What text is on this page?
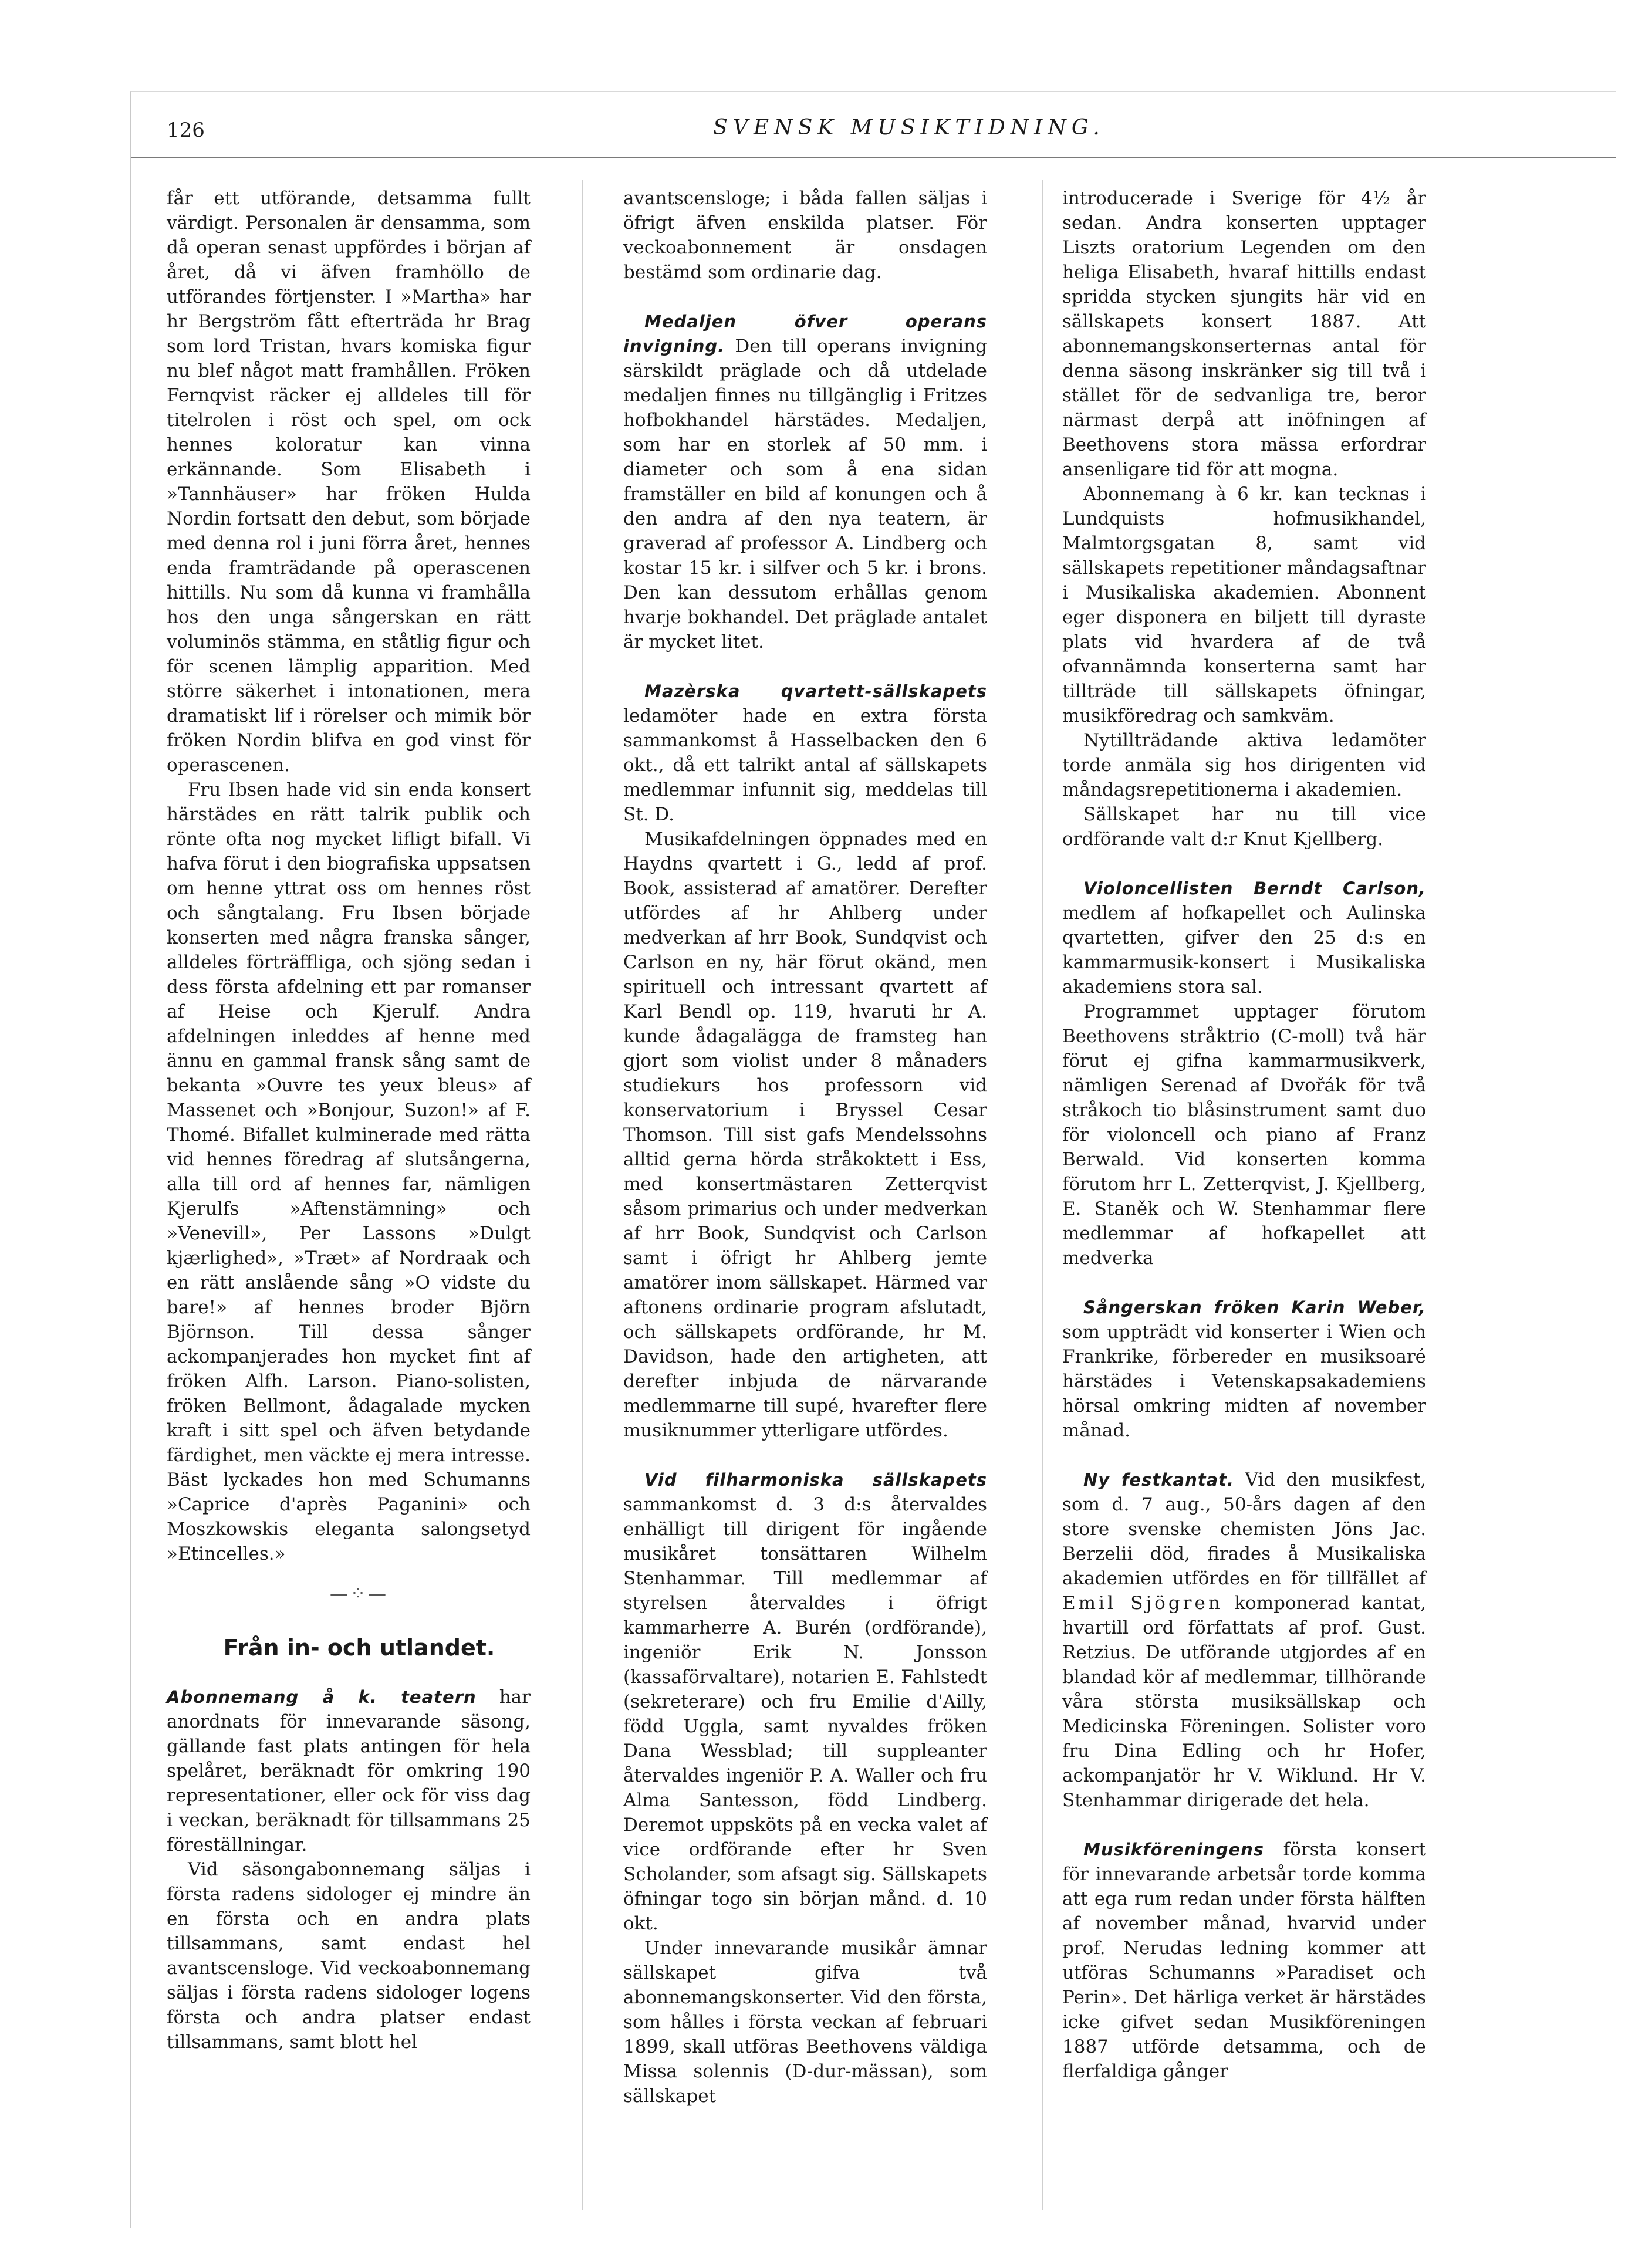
126	SVENSK MUSIKTIDNING.

får ett utförande, detsamma fullt värdigt. Personalen är densamma, som då operan senast uppfördes i början af året, då vi äfven framhöllo de utförandes förtjenster. I »Martha» har hr Bergström fått efterträda hr Brag som lord Tristan, hvars komiska figur nu blef något matt framhållen. Fröken Fernqvist räcker ej alldeles till för titelrolen i röst och spel, om ock hennes koloratur kan vinna erkännande. Som Elisabeth i »Tannhäuser» har fröken Hulda Nordin fortsatt den debut, som började med denna rol i juni förra året, hennes enda framträdande på operascenen hittills. Nu som då kunna vi framhålla hos den unga sångerskan en rätt voluminös stämma, en ståtlig figur och för scenen lämplig apparition. Med större säkerhet i intonationen, mera dramatiskt lif i rörelser och mimik bör fröken Nordin blifva en god vinst för operascenen.

Fru Ibsen hade vid sin enda konsert härstädes en rätt talrik publik och rönte ofta nog mycket lifligt bifall. Vi hafva förut i den biografiska uppsatsen om henne yttrat oss om hennes röst och sångtalang. Fru Ibsen började konserten med några franska sånger, alldeles förträffliga, och sjöng sedan i dess första afdelning ett par romanser af Heise och Kjerulf. Andra afdelningen inleddes af henne med ännu en gammal fransk sång samt de bekanta »Ouvre tes yeux bleus» af Massenet och »Bonjour, Suzon!» af F. Thomé. Bifallet kulminerade med rätta vid hennes föredrag af slutsångerna, alla till ord af hennes far, nämligen Kjerulfs »Aftenstämning» och »Venevill», Per Lassons »Dulgt kjærlighed», »Træt» af Nordraak och en rätt anslående sång »O vidste du bare!» af hennes broder Björn Björnson. Till dessa sånger ackompanjerades hon mycket fint af fröken Alfh. Larson. Piano-solisten, fröken Bellmont, ådagalade mycken kraft i sitt spel och äfven betydande färdighet, men väckte ej mera intresse. Bäst lyckades hon med Schumanns »Caprice d'après Paganini» och Moszkowskis eleganta salongsetyd »Etincelles.»

—⁘—

Från in- och utlandet.

Abonnemang å k. teatern har anordnats för innevarande säsong, gällande fast plats antingen för hela spelåret, beräknadt för omkring 190 representationer, eller ock för viss dag i veckan, beräknadt för tillsammans 25 föreställningar.

Vid säsongabonnemang säljas i första radens sidologer ej mindre än en första och en andra plats tillsammans, samt endast hel avantscensloge. Vid veckoabonnemang säljas i första radens sidologer logens första och andra platser endast tillsammans, samt blott hel

avantscensloge; i båda fallen säljas i öfrigt äfven enskilda platser. För veckoabonnement är onsdagen bestämd som ordinarie dag.

Medaljen öfver operans invigning. Den till operans invigning särskildt präglade och då utdelade medaljen finnes nu tillgänglig i Fritzes hofbokhandel härstädes. Medaljen, som har en storlek af 50 mm. i diameter och som å ena sidan framställer en bild af konungen och å den andra af den nya teatern, är graverad af professor A. Lindberg och kostar 15 kr. i silfver och 5 kr. i brons. Den kan dessutom erhållas genom hvarje bokhandel. Det präglade antalet är mycket litet.

Mazèrska qvartett-sällskapets ledamöter hade en extra första sammankomst å Hasselbacken den 6 okt., då ett talrikt antal af sällskapets medlemmar infunnit sig, meddelas till St. D.

Musikafdelningen öppnades med en Haydns qvartett i G., ledd af prof. Book, assisterad af amatörer. Derefter utfördes af hr Ahlberg under medverkan af hrr Book, Sundqvist och Carlson en ny, här förut okänd, men spirituell och intressant qvartett af Karl Bendl op. 119, hvaruti hr A. kunde ådagalägga de framsteg han gjort som violist under 8 månaders studiekurs hos professorn vid konservatorium i Bryssel Cesar Thomson. Till sist gafs Mendelssohns alltid gerna hörda stråkoktett i Ess, med konsertmästaren Zetterqvist såsom primarius och under medverkan af hrr Book, Sundqvist och Carlson samt i öfrigt hr Ahlberg jemte amatörer inom sällskapet. Härmed var aftonens ordinarie program afslutadt, och sällskapets ordförande, hr M. Davidson, hade den artigheten, att derefter inbjuda de närvarande medlemmarne till supé, hvarefter flere musiknummer ytterligare utfördes.

Vid filharmoniska sällskapets sammankomst d. 3 d:s återvaldes enhälligt till dirigent för ingående musikåret tonsättaren Wilhelm Stenhammar. Till medlemmar af styrelsen återvaldes i öfrigt kammarherre A. Burén (ordförande), ingeniör Erik N. Jonsson (kassaförvaltare), notarien E. Fahlstedt (sekreterare) och fru Emilie d'Ailly, född Uggla, samt nyvaldes fröken Dana Wessblad; till suppleanter återvaldes ingeniör P. A. Waller och fru Alma Santesson, född Lindberg. Deremot uppsköts på en vecka valet af vice ordförande efter hr Sven Scholander, som afsagt sig. Sällskapets öfningar togo sin början månd. d. 10 okt.

Under innevarande musikår ämnar sällskapet gifva två abonnemangskonserter. Vid den första, som hålles i första veckan af februari 1899, skall utföras Beethovens väldiga Missa solennis (D-dur-mässan), som sällskapet

introducerade i Sverige för 4½ år sedan. Andra konserten upptager Liszts oratorium Legenden om den heliga Elisabeth, hvaraf hittills endast spridda stycken sjungits här vid en sällskapets konsert 1887. Att abonnemangskonserternas antal för denna säsong inskränker sig till två i stället för de sedvanliga tre, beror närmast derpå att inöfningen af Beethovens stora mässa erfordrar ansenligare tid för att mogna.

Abonnemang à 6 kr. kan tecknas i Lundquists hofmusikhandel, Malmtorgsgatan 8, samt vid sällskapets repetitioner måndagsaftnar i Musikaliska akademien. Abonnent eger disponera en biljett till dyraste plats vid hvardera af de två ofvannämnda konserterna samt har tillträde till sällskapets öfningar, musikföredrag och samkväm.

Nytillträdande aktiva ledamöter torde anmäla sig hos dirigenten vid måndagsrepetitionerna i akademien.

Sällskapet har nu till vice ordförande valt d:r Knut Kjellberg.

Violoncellisten Berndt Carlson, medlem af hofkapellet och Aulinska qvartetten, gifver den 25 d:s en kammarmusik-konsert i Musikaliska akademiens stora sal.

Programmet upptager förutom Beethovens stråktrio (C-moll) två här förut ej gifna kammarmusikverk, nämligen Serenad af Dvořák för två stråkoch tio blåsinstrument samt duo för violoncell och piano af Franz Berwald. Vid konserten komma förutom hrr L. Zetterqvist, J. Kjellberg, E. Staněk och W. Stenhammar flere medlemmar af hofkapellet att medverka

Sångerskan fröken Karin Weber, som uppträdt vid konserter i Wien och Frankrike, förbereder en musiksoaré härstädes i Vetenskapsakademiens hörsal omkring midten af november månad.

Ny festkantat. Vid den musikfest, som d. 7 aug., 50-års dagen af den store svenske chemisten Jöns Jac. Berzelii död, firades å Musikaliska akademien utfördes en för tillfället af Emil Sjögren komponerad kantat, hvartill ord författats af prof. Gust. Retzius. De utförande utgjordes af en blandad kör af medlemmar, tillhörande våra största musiksällskap och Medicinska Föreningen. Solister voro fru Dina Edling och hr Hofer, ackompanjatör hr V. Wiklund. Hr V. Stenhammar dirigerade det hela.

Musikföreningens första konsert för innevarande arbetsår torde komma att ega rum redan under första hälften af november månad, hvarvid under prof. Nerudas ledning kommer att utföras Schumanns »Paradiset och Perin». Det härliga verket är härstädes icke gifvet sedan Musikföreningen 1887 utförde detsamma, och de flerfaldiga gånger
